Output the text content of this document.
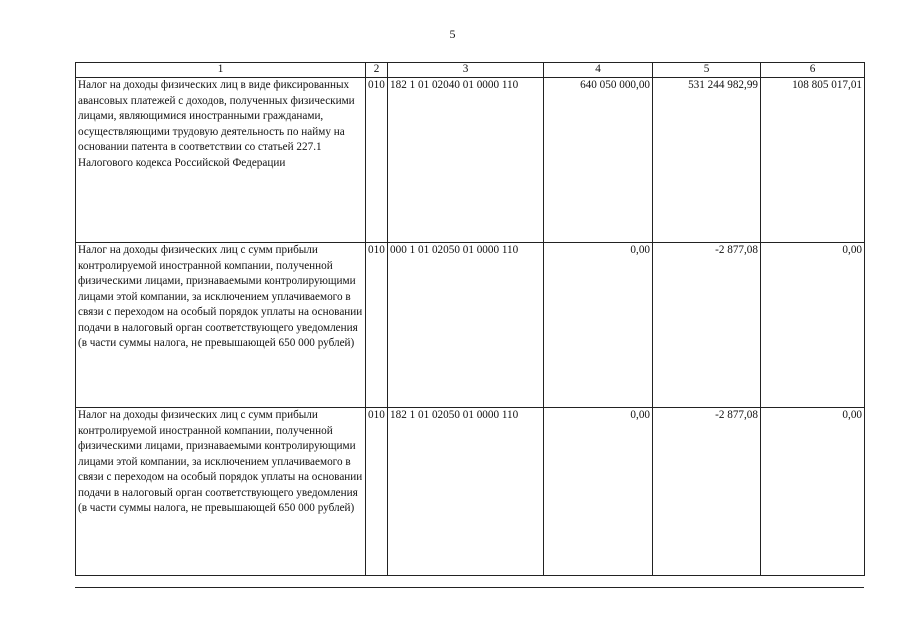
5
1	2	3	4	5	6
Налог на доходы физических лиц в виде фиксированных авансовых платежей с доходов, полученных физическими лицами, являющимися иностранными гражданами, осуществляющими трудовую деятельность по найму на основании патента в соответствии со статьей 227.1 Налогового кодекса Российской Федерации	010	182 1 01 02040 01 0000 110	640 050 000,00	531 244 982,99	108 805 017,01
Налог на доходы физических лиц с сумм прибыли контролируемой иностранной компании, полученной физическими лицами, признаваемыми контролирующими лицами этой компании, за исключением уплачиваемого в связи с переходом на особый порядок уплаты на основании подачи в налоговый орган соответствующего уведомления (в части суммы налога, не превышающей 650 000 рублей)	010	000 1 01 02050 01 0000 110	0,00	-2 877,08	0,00
Налог на доходы физических лиц с сумм прибыли контролируемой иностранной компании, полученной физическими лицами, признаваемыми контролирующими лицами этой компании, за исключением уплачиваемого в связи с переходом на особый порядок уплаты на основании подачи в налоговый орган соответствующего уведомления (в части суммы налога, не превышающей 650 000 рублей)	010	182 1 01 02050 01 0000 110	0,00	-2 877,08	0,00
